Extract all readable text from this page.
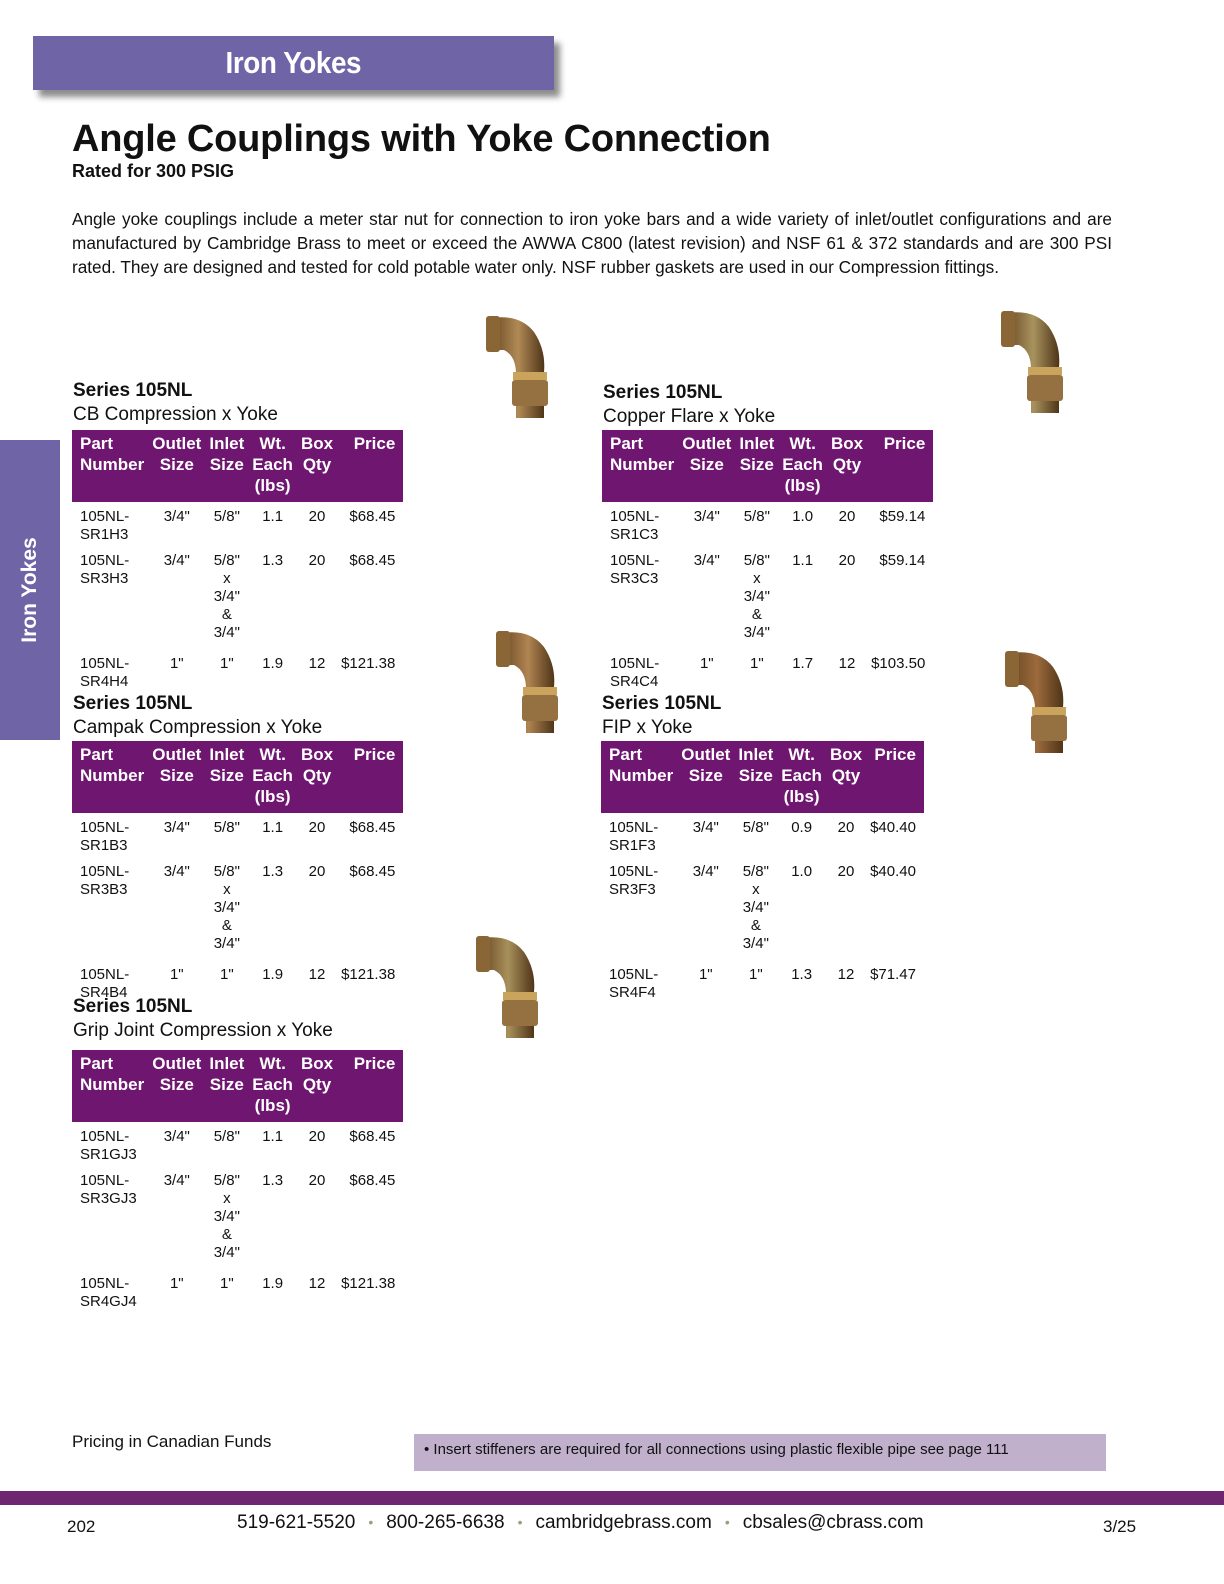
Iron Yokes
Iron Yokes
Angle Couplings with Yoke Connection

Rated for 300 PSIG

Angle yoke couplings include a meter star nut for connection to iron yoke bars and a wide variety of inlet/outlet configurations and are manufactured by Cambridge Brass to meet or exceed the AWWA C800 (latest revision) and NSF 61 & 372 standards and are 300 PSI rated. They are designed and tested for cold potable water only. NSF rubber gaskets are used in our Compression fittings.

Series 105NL
CB Compression x Yoke
Part Number	Outlet
Size	Inlet
Size	Wt.
Each
(lbs)	Box
Qty	Price
105NL-SR1H3	3/4"	5/8"	1.1	20	$68.45
105NL-SR3H3	3/4"	5/8" x 3/4"
& 3/4"	1.3	20	$68.45
105NL-SR4H4	1"	1"	1.9	12	$121.38
Series 105NL
Copper Flare x Yoke
Part Number	Outlet
Size	Inlet
Size	Wt.
Each
(lbs)	Box
Qty	Price
105NL-SR1C3	3/4"	5/8"	1.0	20	$59.14
105NL-SR3C3	3/4"	5/8" x 3/4"
& 3/4"	1.1	20	$59.14
105NL-SR4C4	1"	1"	1.7	12	$103.50
Series 105NL
Campak Compression x Yoke
Part Number	Outlet
Size	Inlet Size	Wt.
Each
(lbs)	Box
Qty	Price
105NL-SR1B3	3/4"	5/8"	1.1	20	$68.45
105NL-SR3B3	3/4"	5/8" x 3/4"
& 3/4"	1.3	20	$68.45
105NL-SR4B4	1"	1"	1.9	12	$121.38
Series 105NL
FIP x Yoke
Part Number	Outlet
Size	Inlet
Size	Wt.
Each
(lbs)	Box
Qty	Price
105NL-SR1F3	3/4"	5/8"	0.9	20	$40.40
105NL-SR3F3	3/4"	5/8" x 3/4"
& 3/4"	1.0	20	$40.40
105NL-SR4F4	1"	1"	1.3	12	$71.47
Series 105NL
Grip Joint Compression x Yoke
Part Number	Outlet
Size	Inlet Size	Wt.
Each
(lbs)	Box
Qty	Price
105NL-SR1GJ3	3/4"	5/8"	1.1	20	$68.45
105NL-SR3GJ3	3/4"	5/8" x 3/4"
& 3/4"	1.3	20	$68.45
105NL-SR4GJ4	1"	1"	1.9	12	$121.38
Pricing in Canadian Funds	• Insert stiffeners are required for all connections using plastic flexible pipe see page 111
202	519-621-5520 • 800-265-6638 • cambridgebrass.com • cbsales@cbrass.com	3/25
